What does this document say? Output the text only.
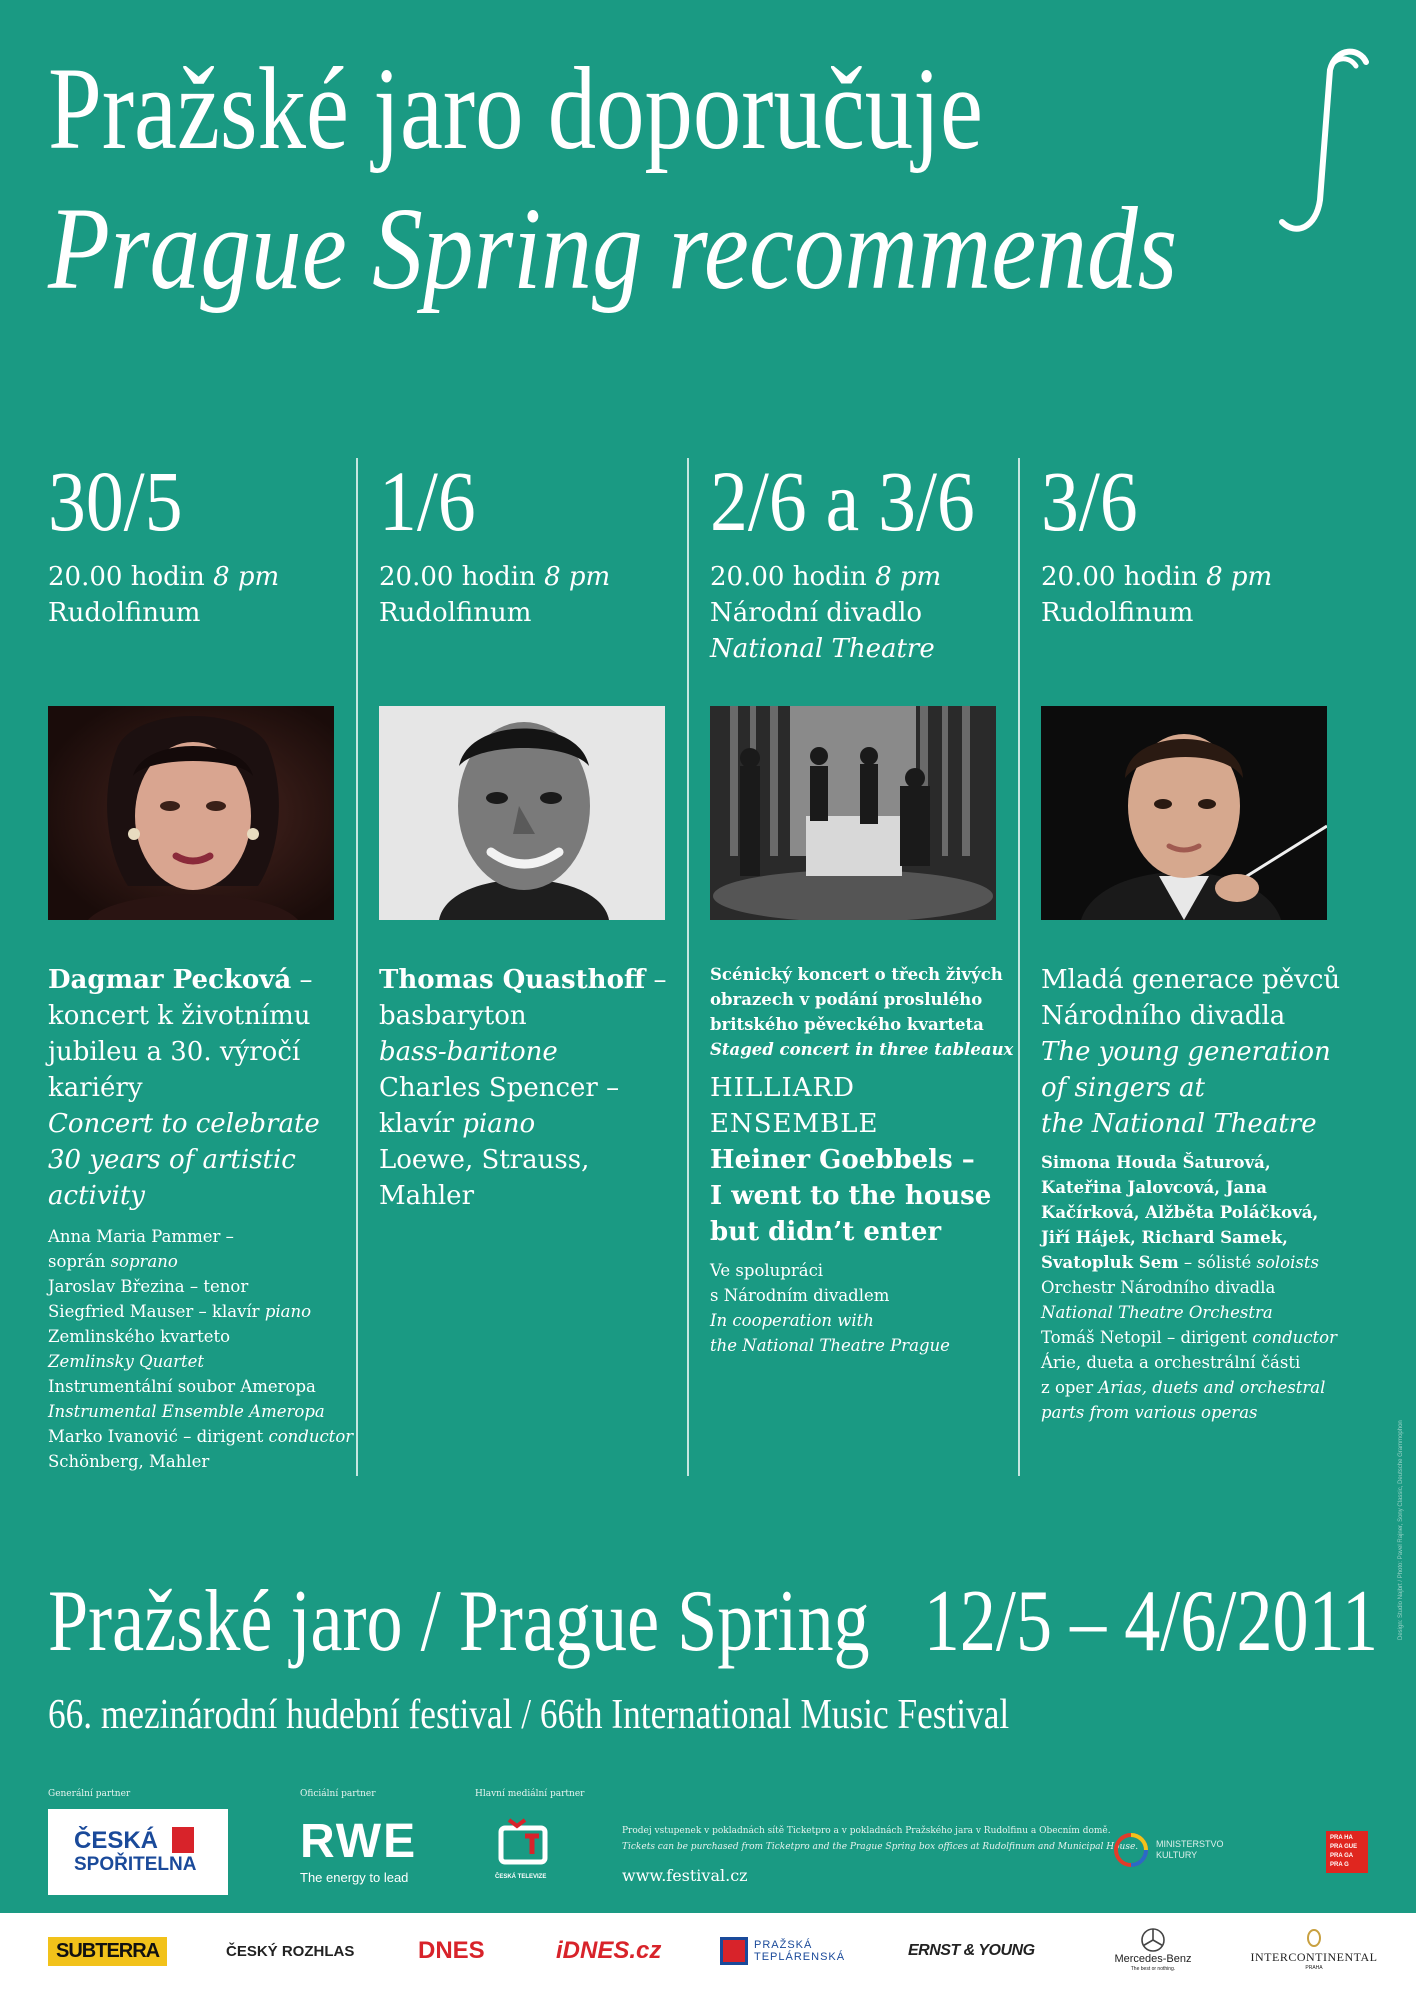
Pražské jaro doporučuje
Prague Spring recommends
30/5
20.00 hodin 8 pm
Rudolfinum
Dagmar Pecková –
koncert k životnímu
jubileu a 30. výročí
kariéry
Concert to celebrate
30 years of artistic
activity
Anna Maria Pammer –
soprán soprano
Jaroslav Březina – tenor
Siegfried Mauser – klavír piano
Zemlinského kvarteto
Zemlinsky Quartet
Instrumentální soubor Ameropa
Instrumental Ensemble Ameropa
Marko Ivanović – dirigent conductor
Schönberg, Mahler
1/6
20.00 hodin 8 pm
Rudolfinum
Thomas Quasthoff –
basbaryton
bass-baritone
Charles Spencer –
klavír piano
Loewe, Strauss,
Mahler
2/6 a 3/6
20.00 hodin 8 pm
Národní divadlo
National Theatre
Scénický koncert o třech živých
obrazech v podání proslulého
britského pěveckého kvarteta
Staged concert in three tableaux
HILLIARD
ENSEMBLE
Heiner Goebbels –
I went to the house
but didn’t enter
Ve spolupráci
s Národním divadlem
In cooperation with
the National Theatre Prague
3/6
20.00 hodin 8 pm
Rudolfinum
Mladá generace pěvců
Národního divadla
The young generation
of singers at
the National Theatre
Simona Houda Šaturová,
Kateřina Jalovcová, Jana
Kačírková, Alžběta Poláčková,
Jiří Hájek, Richard Samek,
Svatopluk Sem – sólisté soloists
Orchestr Národního divadla
National Theatre Orchestra
Tomáš Netopil – dirigent conductor
Árie, dueta a orchestrální části
z oper Arias, duets and orchestral
parts from various operas
Pražské jaro / Prague Spring   12/5 – 4/6/2011
66. mezinárodní hudební festival / 66th International Music Festival
Generální partner	Oficiální partner	Hlavní mediální partner
ČESKÁ
SPOŘITELNA RWE
The energy to lead	ČESKÁ TELEVIZE
Prodej vstupenek v pokladnách sítě Ticketpro a v pokladnách Pražského jara v Rudolfinu a Obecním domě.
Tickets can be purchased from Ticketpro and the Prague Spring box offices at Rudolfinum and Municipal House.
www.festival.cz
MINISTERSTVO
KULTURY
PRA HA
PRA GUE
PRA GA
PRA G
Design: Studio Najbrt / Photo: Pavel Rajner, Sony Classic, Deutsche Grammophon
SUBTERRA	ČESKÝ ROZHLAS	DNES	iDNES.cz	PRAŽSKÁ
TEPLÁRENSKÁ	ERNST & YOUNG	Mercedes-Benz
The best or nothing.
INTERCONTINENTAL
PRAHA
